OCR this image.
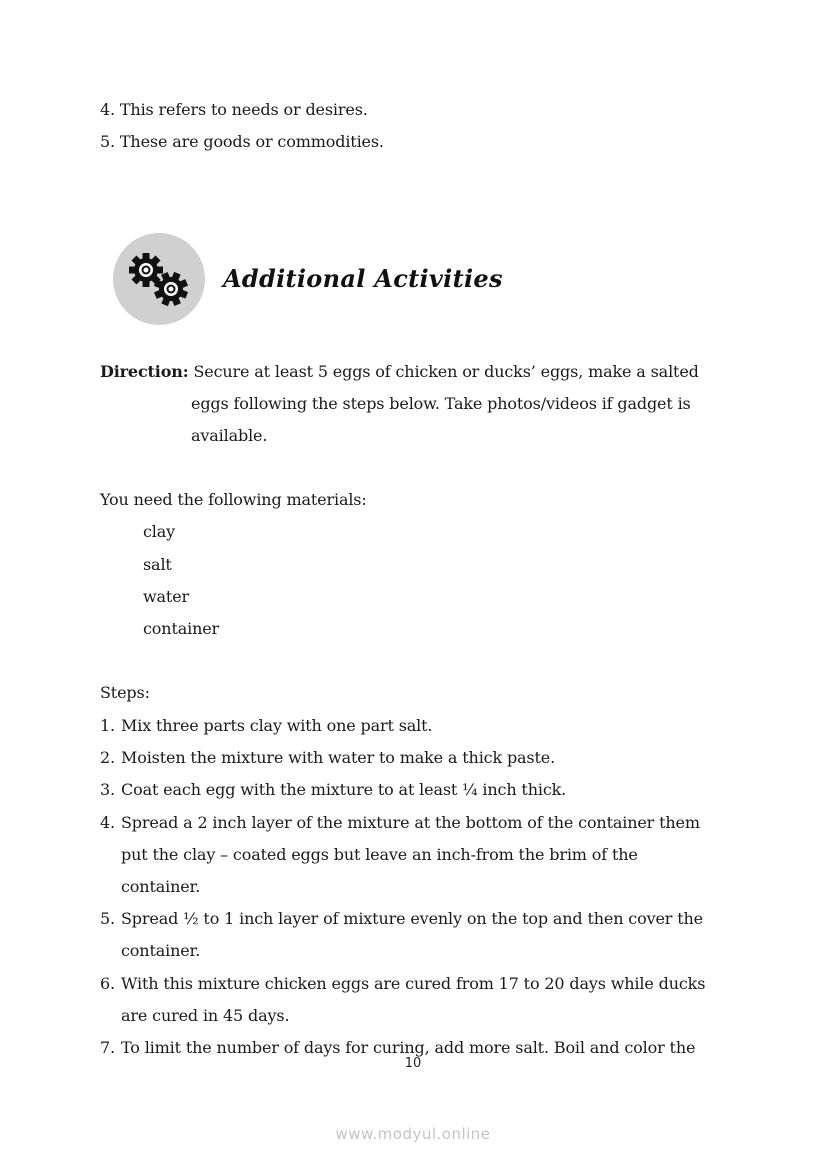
4. This refers to needs or desires.
5. These are goods or commodities.
Additional Activities
Direction: Secure at least 5 eggs of chicken or ducks’ eggs, make a salted
eggs following the steps below. Take photos/videos if gadget is
available.
You need the following materials:
clay
salt
water
container
Steps:
1. Mix three parts clay with one part salt.
2. Moisten the mixture with water to make a thick paste.
3. Coat each egg with the mixture to at least ¼ inch thick.
4. Spread a 2 inch layer of the mixture at the bottom of the container them
put the clay – coated eggs but leave an inch-from the brim of the
container.
5. Spread ½ to 1 inch layer of mixture evenly on the top and then cover the
container.
6. With this mixture chicken eggs are cured from 17 to 20 days while ducks
are cured in 45 days.
7. To limit the number of days for curing, add more salt. Boil and color the
10
www.modyul.online
